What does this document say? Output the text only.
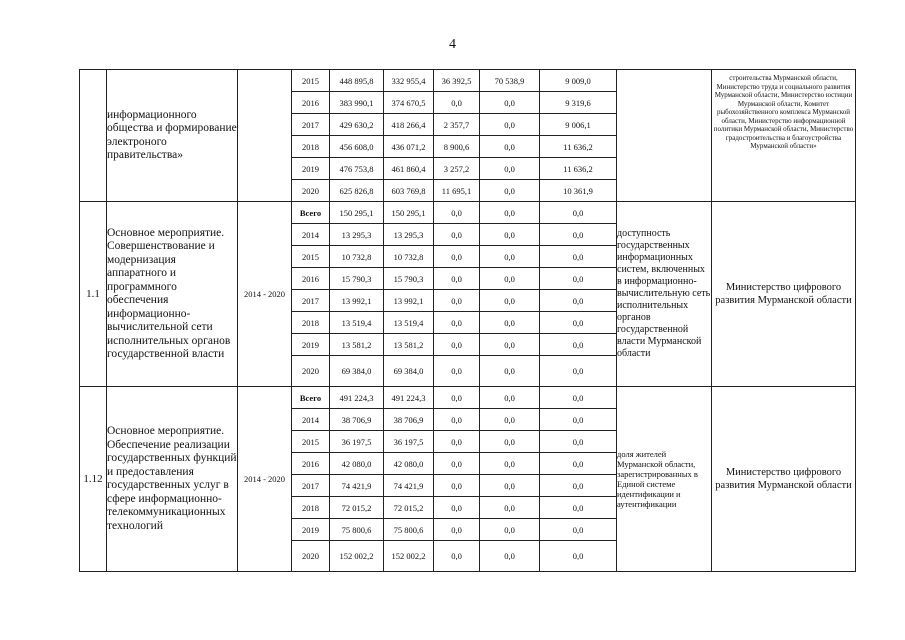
4
	информационного общества и формирование электроного правительства»		2015	448 895,8	332 955,4	36 392,5	70 538,9	9 009,0		строительства Мурманской области, Министерство труда и социального развития Мурманской области, Министерство юстиции Мурманской области, Комитет рыбохозяйственного комплекса Мурманской области, Министерство информационной политики Мурманской области, Министерство градостроительства и благоустройства Мурманской области»
			2016	383 990,1	374 670,5	0,0	0,0	9 319,6		
			2017	429 630,2	418 266,4	2 357,7	0,0	9 006,1		
			2018	456 608,0	436 071,2	8 900,6	0,0	11 636,2		
			2019	476 753,8	461 860,4	3 257,2	0,0	11 636,2		
			2020	625 826,8	603 769,8	11 695,1	0,0	10 361,9		
1.1	Основное мероприятие. Совершенствование и модернизация аппаратного и программного обеспечения информационно-вычислительной сети исполнительных органов государственной власти	2014 - 2020	Всего	150 295,1	150 295,1	0,0	0,0	0,0	доступность государственных информационных систем, включенных в информационно-вычислительную сеть исполнительных органов государственной власти Мурманской области	Министерство цифрового развития Мурманской области
			2014	13 295,3	13 295,3	0,0	0,0	0,0		
			2015	10 732,8	10 732,8	0,0	0,0	0,0		
			2016	15 790,3	15 790,3	0,0	0,0	0,0		
			2017	13 992,1	13 992,1	0,0	0,0	0,0		
			2018	13 519,4	13 519,4	0,0	0,0	0,0		
			2019	13 581,2	13 581,2	0,0	0,0	0,0		
			2020	69 384,0	69 384,0	0,0	0,0	0,0		
1.12	Основное мероприятие. Обеспечение реализации государственных функций и предоставления государственных услуг в сфере информационно-телекоммуникационных технологий	2014 - 2020	Всего	491 224,3	491 224,3	0,0	0,0	0,0	доля жителей Мурманской области, зарегистрированных в Единой системе идентификации и аутентификации	Министерство цифрового развития Мурманской области
			2014	38 706,9	38 706,9	0,0	0,0	0,0		
			2015	36 197,5	36 197,5	0,0	0,0	0,0		
			2016	42 080,0	42 080,0	0,0	0,0	0,0		
			2017	74 421,9	74 421,9	0,0	0,0	0,0		
			2018	72 015,2	72 015,2	0,0	0,0	0,0		
			2019	75 800,6	75 800,6	0,0	0,0	0,0		
			2020	152 002,2	152 002,2	0,0	0,0	0,0		
